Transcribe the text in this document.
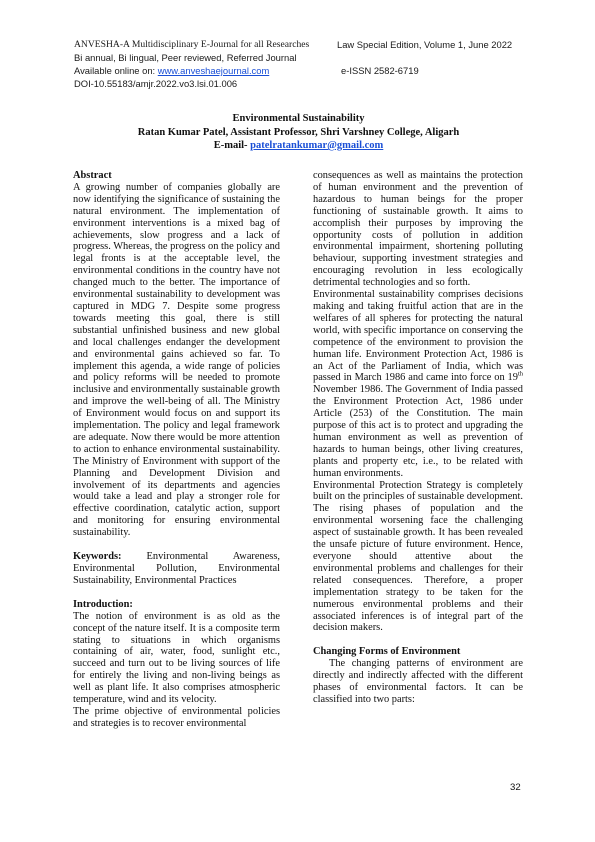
ANVESHA-A Multidisciplinary E-Journal for all Researches	Law Special Edition, Volume 1, June 2022
Bi annual, Bi lingual, Peer reviewed, Referred Journal
Available online on: www.anveshaejournal.com	e-ISSN 2582-6719
DOI-10.55183/amjr.2022.vo3.lsi.01.006
Environmental Sustainability
Ratan Kumar Patel, Assistant Professor, Shri Varshney College, Aligarh
E-mail- patelratankumar@gmail.com
Abstract

A growing number of companies globally are now identifying the significance of sustaining the natural environment. The implementation of environment interventions is a mixed bag of achievements, slow progress and a lack of progress. Whereas, the progress on the policy and legal fronts is at the acceptable level, the environmental conditions in the country have not changed much to the better. The importance of environmental sustainability to development was captured in MDG 7. Despite some progress towards meeting this goal, there is still substantial unfinished business and new global and local challenges endanger the development and environmental gains achieved so far. To implement this agenda, a wide range of policies and policy reforms will be needed to promote inclusive and environmentally sustainable growth and improve the well-being of all. The Ministry of Environment would focus on and support its implementation. The policy and legal framework are adequate. Now there would be more attention to action to enhance environmental sustainability. The Ministry of Environment with support of the Planning and Development Division and involvement of its departments and agencies would take a lead and play a stronger role for effective coordination, catalytic action, support and monitoring for ensuring environmental sustainability.

Keywords: Environmental Awareness, Environmental Pollution, Environmental Sustainability, Environmental Practices

Introduction:

The notion of environment is as old as the concept of the nature itself. It is a composite term stating to situations in which organisms containing of air, water, food, sunlight etc., succeed and turn out to be living sources of life for entirely the living and non-living beings as well as plant life. It also comprises atmospheric temperature, wind and its velocity.

The prime objective of environmental policies and strategies is to recover environmental

consequences as well as maintains the protection of human environment and the prevention of hazardous to human beings for the proper functioning of sustainable growth. It aims to accomplish their purposes by improving the opportunity costs of pollution in addition environmental impairment, shortening polluting behaviour, supporting investment strategies and encouraging revolution in less ecologically detrimental technologies and so forth.

Environmental sustainability comprises decisions making and taking fruitful action that are in the welfares of all spheres for protecting the natural world, with specific importance on conserving the competence of the environment to provision the human life. Environment Protection Act, 1986 is an Act of the Parliament of India, which was passed in March 1986 and came into force on 19th November 1986. The Government of India passed the Environment Protection Act, 1986 under Article (253) of the Constitution. The main purpose of this act is to protect and upgrading the human environment as well as prevention of hazards to human beings, other living creatures, plants and property etc, i.e., to be related with human environments.

Environmental Protection Strategy is completely built on the principles of sustainable development. The rising phases of population and the environmental worsening face the challenging aspect of sustainable growth. It has been revealed the unsafe picture of future environment. Hence, everyone should attentive about the environmental problems and challenges for their related consequences. Therefore, a proper implementation strategy to be taken for the numerous environmental problems and their associated inferences is of integral part of the decision makers.

Changing Forms of Environment

The changing patterns of environment are directly and indirectly affected with the different phases of environmental factors. It can be classified into two parts:

32
